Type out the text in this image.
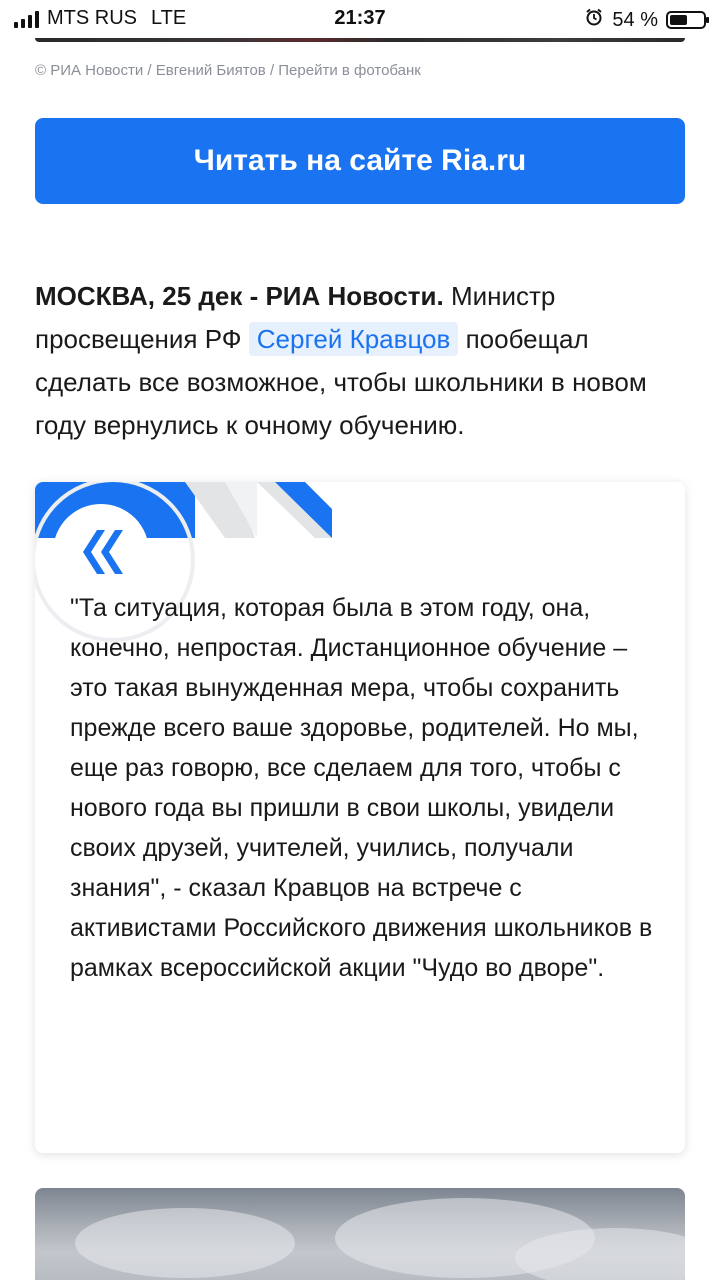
MTS RUS LTE	21:37	54 %
© РИА Новости / Евгений Биятов / Перейти в фотобанк
Читать на сайте Ria.ru
МОСКВА, 25 дек - РИА Новости. Министр просвещения РФ Сергей Кравцов пообещал сделать все возможное, чтобы школьники в новом году вернулись к очному обучению.
"Та ситуация, которая была в этом году, она, конечно, непростая. Дистанционное обучение – это такая вынужденная мера, чтобы сохранить прежде всего ваше здоровье, родителей. Но мы, еще раз говорю, все сделаем для того, чтобы с нового года вы пришли в свои школы, увидели своих друзей, учителей, учились, получали знания", - сказал Кравцов на встрече с активистами Российского движения школьников в рамках всероссийской акции "Чудо во дворе".
